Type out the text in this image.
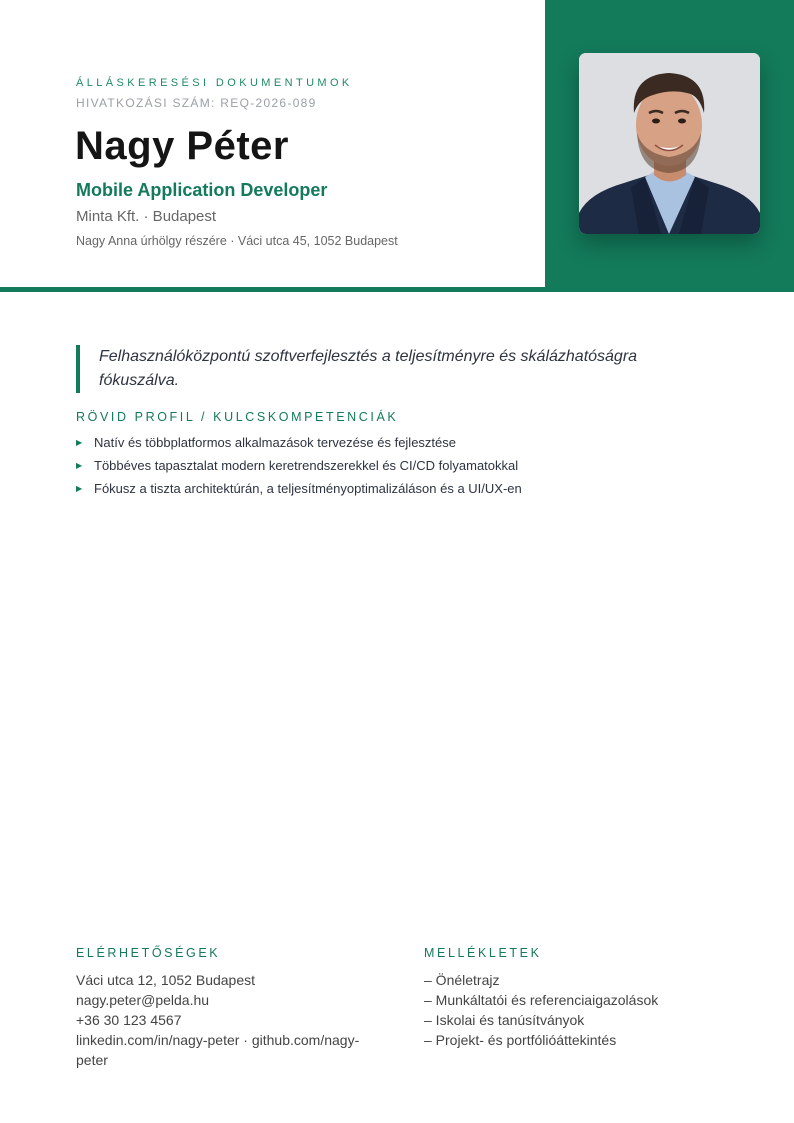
ÁLLÁSKERESÉSI DOKUMENTUMOK
HIVATKOZÁSI SZÁM: REQ-2026-089
Nagy Péter
Mobile Application Developer
Minta Kft. · Budapest
Nagy Anna úrhölgy részére · Váci utca 45, 1052 Budapest
Felhasználóközpontú szoftverfejlesztés a teljesítményre és skálázhatóságra fókuszálva.
RÖVID PROFIL / KULCSKOMPETENCIÁK
▶ Natív és többplatformos alkalmazások tervezése és fejlesztése
▶ Többéves tapasztalat modern keretrendszerekkel és CI/CD folyamatokkal
▶ Fókusz a tiszta architektúrán, a teljesítményoptimalizáláson és a UI/UX-en
ELÉRHETŐSÉGEK
Váci utca 12, 1052 Budapest
nagy.peter@pelda.hu
+36 30 123 4567
linkedin.com/in/nagy-peter · github.com/nagy-
peter
MELLÉKLETEK
– Önéletrajz
– Munkáltatói és referenciaigazolások
– Iskolai és tanúsítványok
– Projekt- és portfólióáttekintés
